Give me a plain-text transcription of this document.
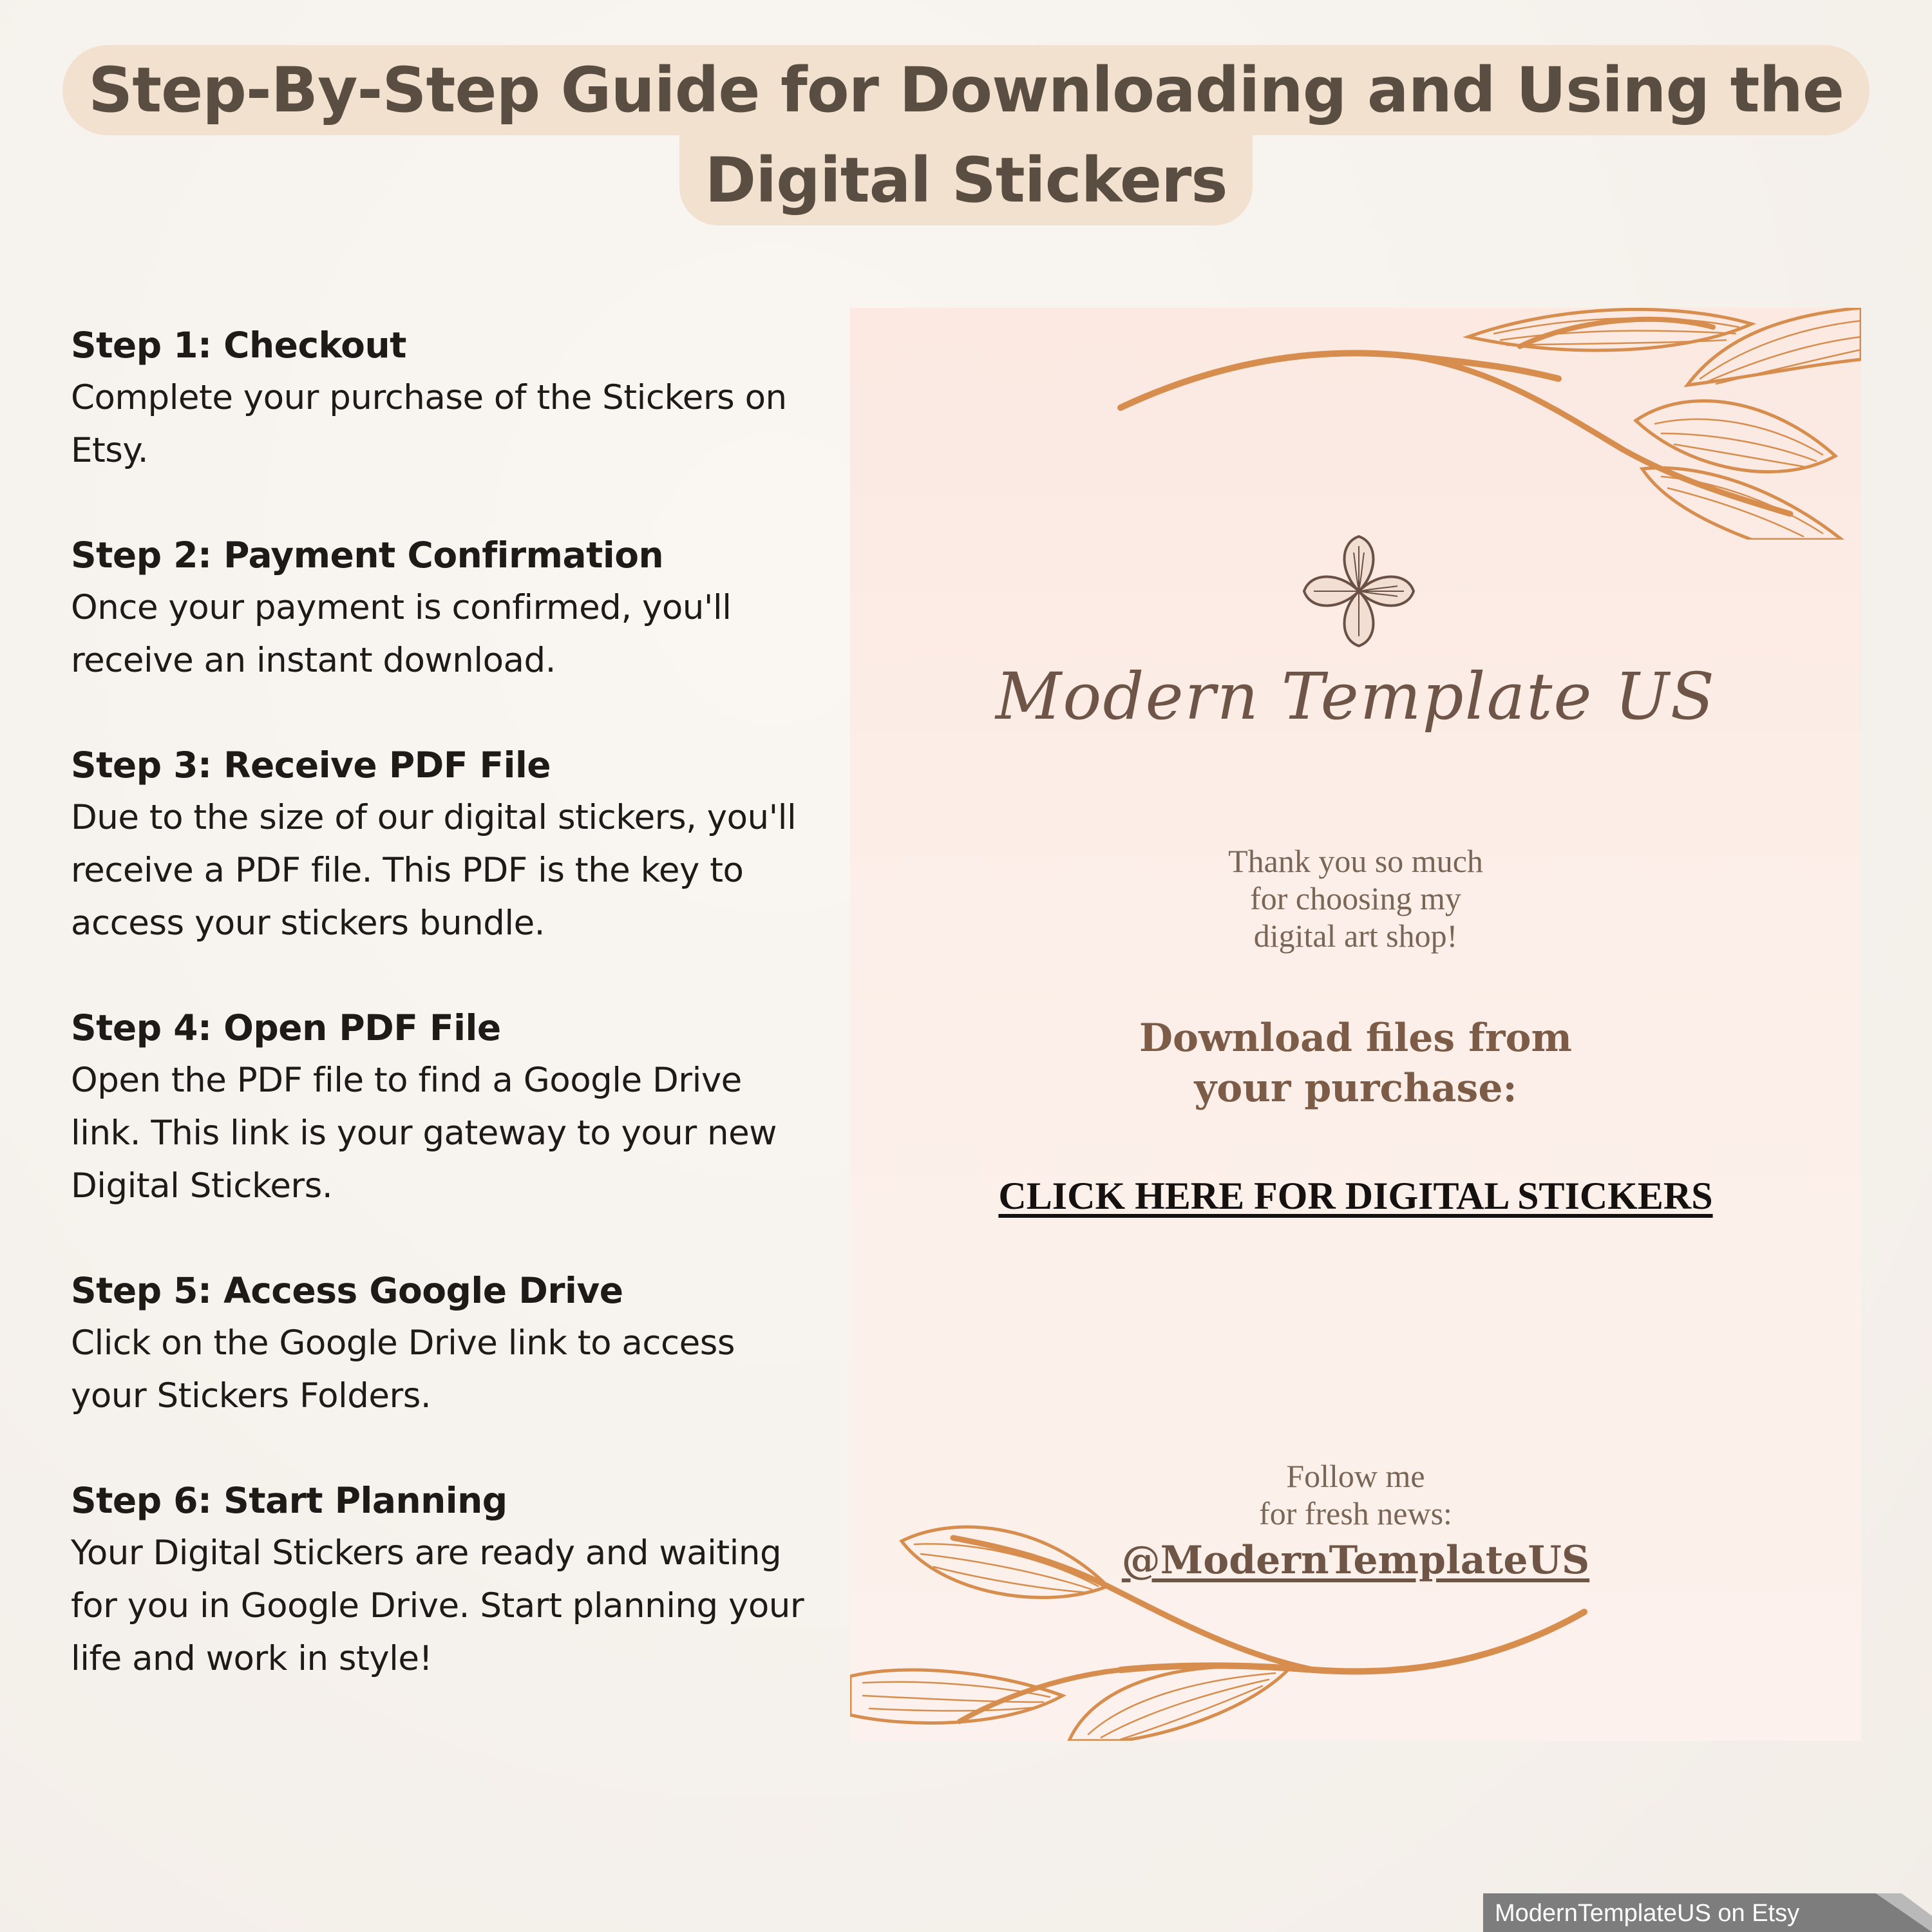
Step-By-Step Guide for Downloading and Using the
Digital Stickers
Step 1: Checkout
Complete your purchase of the Stickers on
Etsy.
Step 2: Payment Confirmation
Once your payment is confirmed, you'll
receive an instant download.
Step 3: Receive PDF File
Due to the size of our digital stickers, you'll
receive a PDF file. This PDF is the key to
access your stickers bundle.
Step 4: Open PDF File
Open the PDF file to find a Google Drive
link. This link is your gateway to your new
Digital Stickers.
Step 5: Access Google Drive
Click on the Google Drive link to access
your Stickers Folders.
Step 6: Start Planning
Your Digital Stickers are ready and waiting
for you in Google Drive. Start planning your
life and work in style!
Modern Template US
Thank you so much
for choosing my
digital art shop!
Download files from
your purchase:
CLICK HERE FOR DIGITAL STICKERS
Follow me
for fresh news:
@ModernTemplateUS
ModernTemplateUS on Etsy
